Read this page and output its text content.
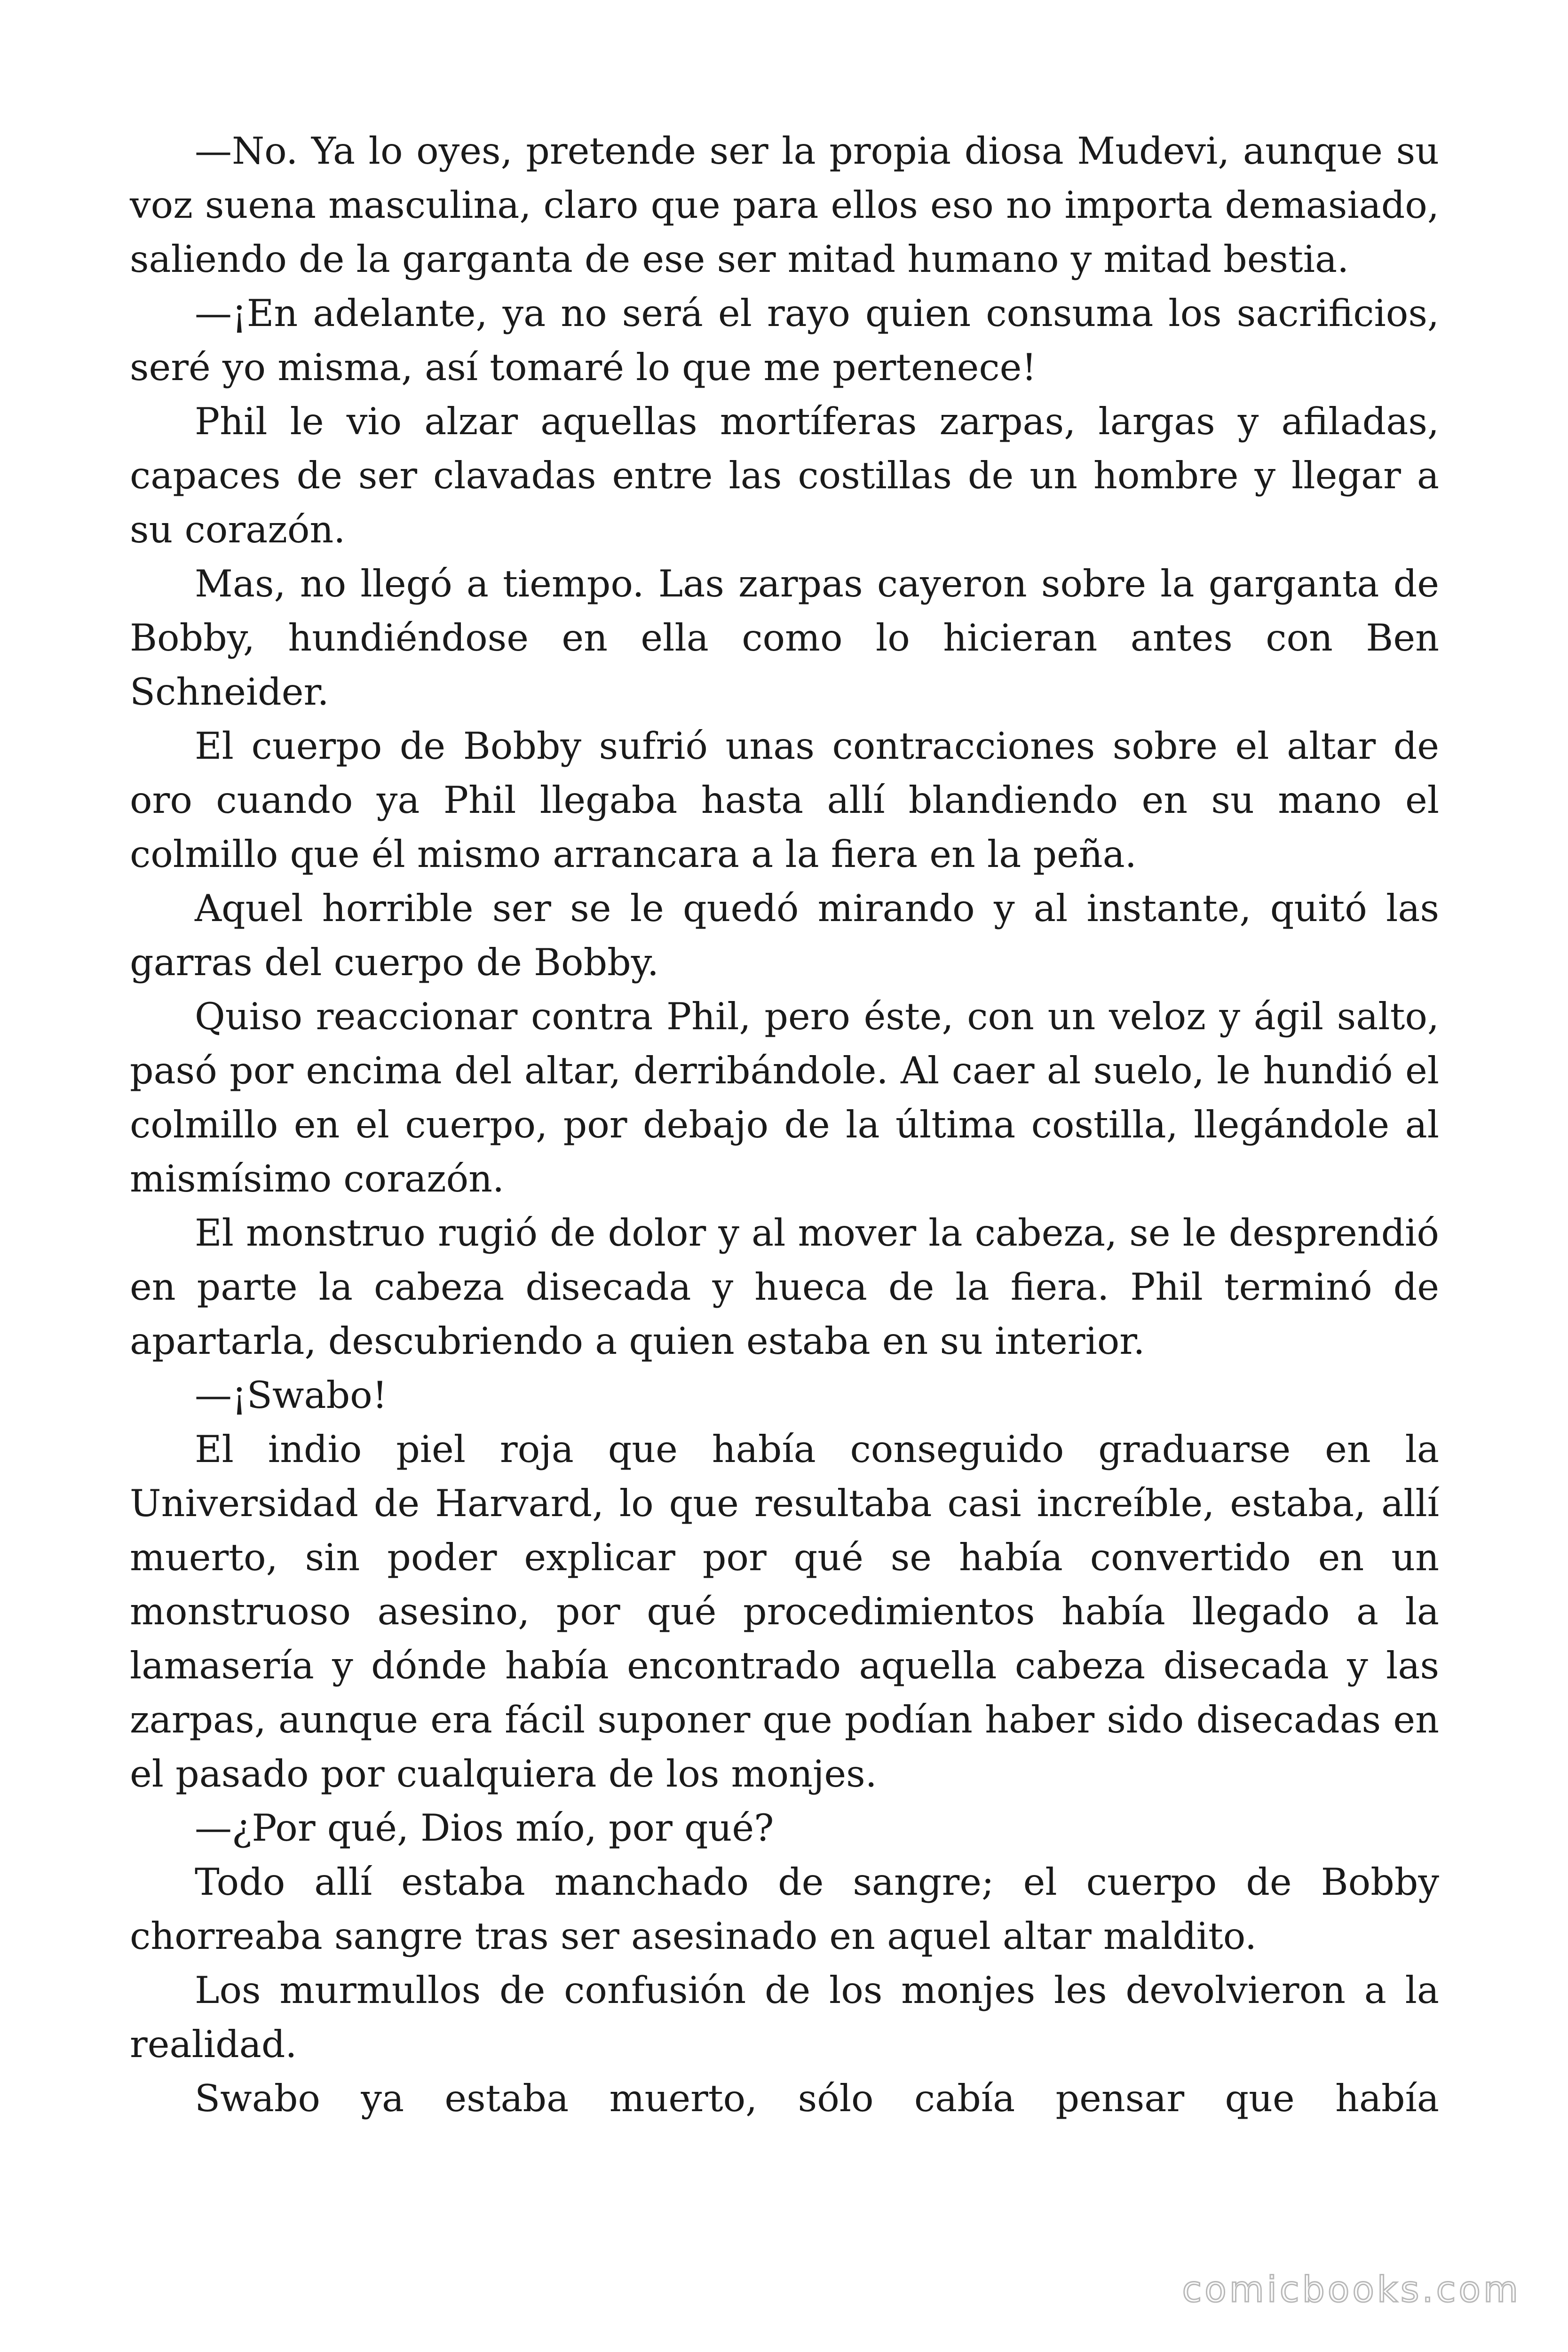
—No. Ya lo oyes, pretende ser la propia diosa Mudevi, aunque su voz suena masculina, claro que para ellos eso no importa demasiado, saliendo de la garganta de ese ser mitad humano y mitad bestia.

—¡En adelante, ya no será el rayo quien consuma los sacrificios, seré yo misma, así tomaré lo que me pertenece!

Phil le vio alzar aquellas mortíferas zarpas, largas y afiladas, capaces de ser clavadas entre las costillas de un hombre y llegar a su corazón.

Mas, no llegó a tiempo. Las zarpas cayeron sobre la garganta de Bobby, hundiéndose en ella como lo hicieran antes con Ben Schneider.

El cuerpo de Bobby sufrió unas contracciones sobre el altar de oro cuando ya Phil llegaba hasta allí blandiendo en su mano el colmillo que él mismo arrancara a la fiera en la peña.

Aquel horrible ser se le quedó mirando y al instante, quitó las garras del cuerpo de Bobby.

Quiso reaccionar contra Phil, pero éste, con un veloz y ágil salto, pasó por encima del altar, derribándole. Al caer al suelo, le hundió el colmillo en el cuerpo, por debajo de la última costilla, llegándole al mismísimo corazón.

El monstruo rugió de dolor y al mover la cabeza, se le desprendió en parte la cabeza disecada y hueca de la fiera. Phil terminó de apartarla, descubriendo a quien estaba en su interior.

—¡Swabo!

El indio piel roja que había conseguido graduarse en la Universidad de Harvard, lo que resultaba casi increíble, estaba, allí muerto, sin poder explicar por qué se había convertido en un monstruoso asesino, por qué procedimientos había llegado a la lamasería y dónde había encontrado aquella cabeza disecada y las zarpas, aunque era fácil suponer que podían haber sido disecadas en el pasado por cualquiera de los monjes.

—¿Por qué, Dios mío, por qué?

Todo allí estaba manchado de sangre; el cuerpo de Bobby chorreaba sangre tras ser asesinado en aquel altar maldito.

Los murmullos de confusión de los monjes les devolvieron a la realidad.

Swabo ya estaba muerto, sólo cabía pensar que había

comicbooks.com
